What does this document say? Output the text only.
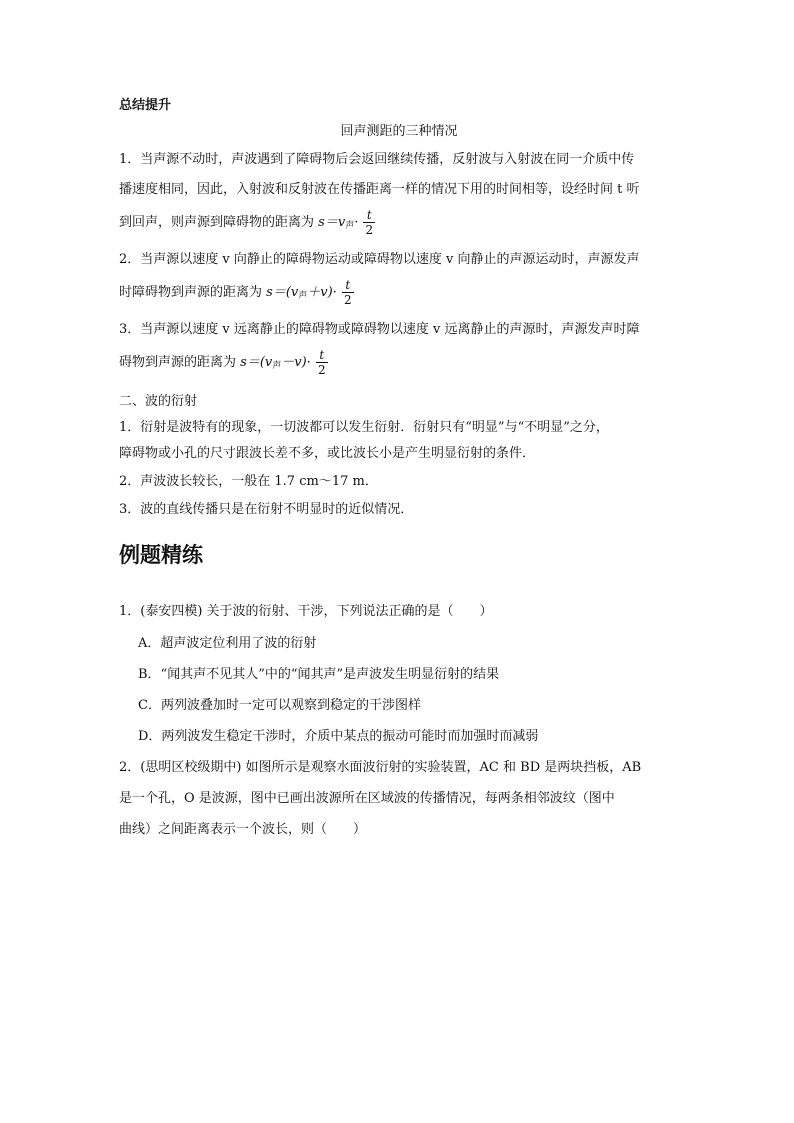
总结提升
回声测距的三种情况
1．当声源不动时，声波遇到了障碍物后会返回继续传播，反射波与入射波在同一介质中传
播速度相同，因此，入射波和反射波在传播距离一样的情况下用的时间相等，设经时间 t 听
到回声，则声源到障碍物的距离为 $s=v_声\cdot \frac{t}{2}$
2．当声源以速度 v 向静止的障碍物运动或障碍物以速度 v 向静止的声源运动时，声源发声
时障碍物到声源的距离为 $s=(v_声+v)\cdot \frac{t}{2}$
3．当声源以速度 v 远离静止的障碍物或障碍物以速度 v 远离静止的声源时，声源发声时障
碍物到声源的距离为 $s=(v_声-v)\cdot \frac{t}{2}$
二、波的衍射
1．衍射是波特有的现象，一切波都可以发生衍射．衍射只有“明显”与“不明显”之分，
障碍物或小孔的尺寸跟波长差不多，或比波长小是产生明显衍射的条件．
2．声波波长较长，一般在 1.7 cm～17 m．
3．波的直线传播只是在衍射不明显时的近似情况．
例题精练
1．(泰安四模) 关于波的衍射、干涉，下列说法正确的是（　　）
A．超声波定位利用了波的衍射
B．“闻其声不见其人”中的“闻其声”是声波发生明显衍射的结果
C．两列波叠加时一定可以观察到稳定的干涉图样
D．两列波发生稳定干涉时，介质中某点的振动可能时而加强时而减弱
2．(思明区校级期中) 如图所示是观察水面波衍射的实验装置，AC 和 BD 是两块挡板，AB
是一个孔，O 是波源，图中已画出波源所在区域波的传播情况，每两条相邻波纹（图中
曲线）之间距离表示一个波长，则（　　）
